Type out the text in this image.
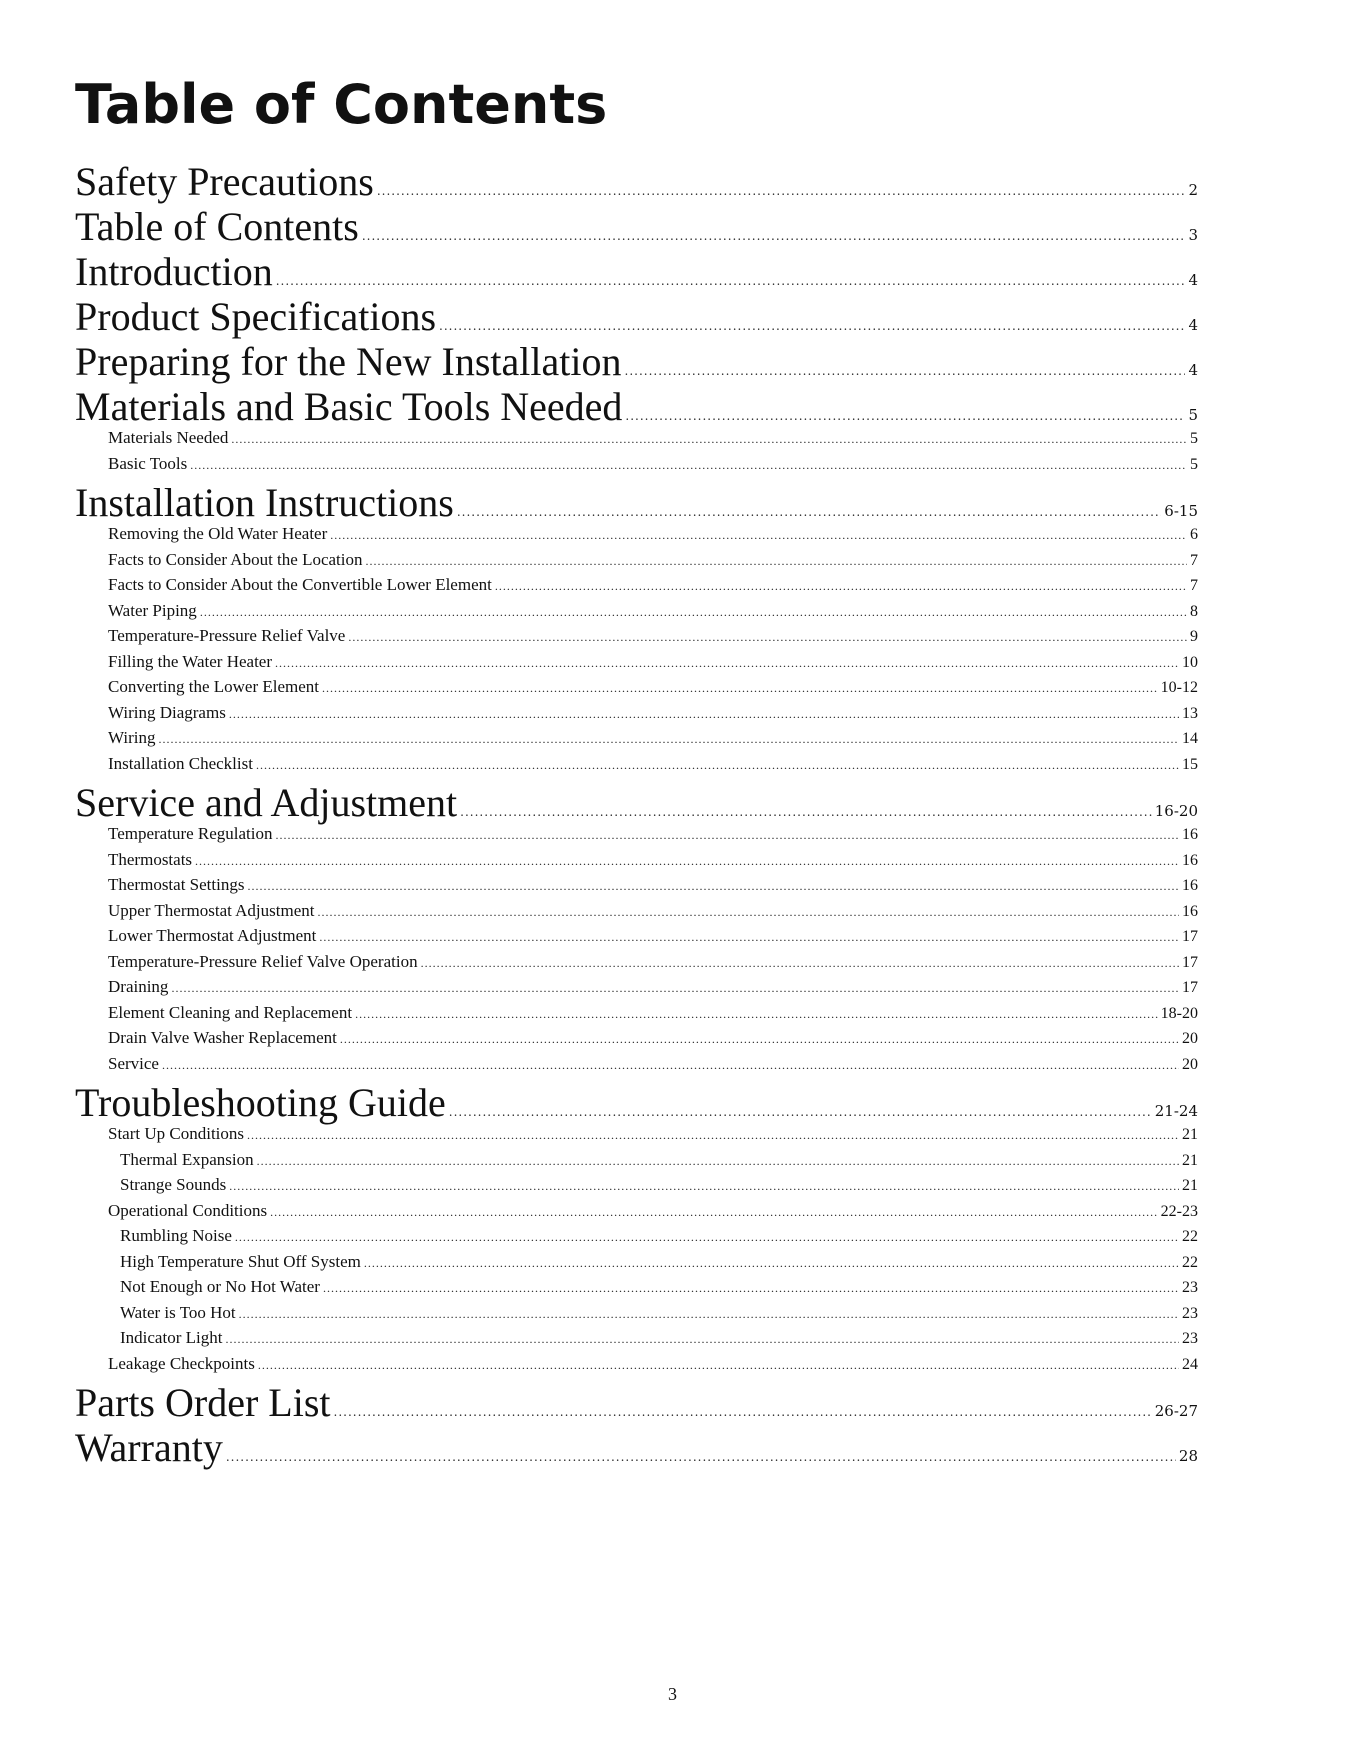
Table of Contents
Safety Precautions .....	2
Table of Contents .....	3
Introduction .....	4
Product Specifications .....	4
Preparing for the New Installation .....	4
Materials and Basic Tools Needed .....	5
Materials Needed .....	5
Basic Tools .....	5
Installation Instructions .....	6-15
Removing the Old Water Heater .....	6
Facts to Consider About the Location .....	7
Facts to Consider About the Convertible Lower Element .....	7
Water Piping .....	8
Temperature-Pressure Relief Valve .....	9
Filling the Water Heater .....	10
Converting the Lower Element .....	10-12
Wiring Diagrams .....	13
Wiring .....	14
Installation Checklist .....	15
Service and Adjustment .....	16-20
Temperature Regulation .....	16
Thermostats .....	16
Thermostat Settings .....	16
Upper Thermostat Adjustment .....	16
Lower Thermostat Adjustment .....	17
Temperature-Pressure Relief Valve Operation .....	17
Draining .....	17
Element Cleaning and Replacement .....	18-20
Drain Valve Washer Replacement .....	20
Service .....	20
Troubleshooting Guide .....	21-24
Start Up Conditions .....	21
Thermal Expansion .....	21
Strange Sounds .....	21
Operational Conditions .....	22-23
Rumbling Noise .....	22
High Temperature Shut Off System .....	22
Not Enough or No Hot Water .....	23
Water is Too Hot .....	23
Indicator Light .....	23
Leakage Checkpoints .....	24
Parts Order List .....	26-27
Warranty .....	28
3
